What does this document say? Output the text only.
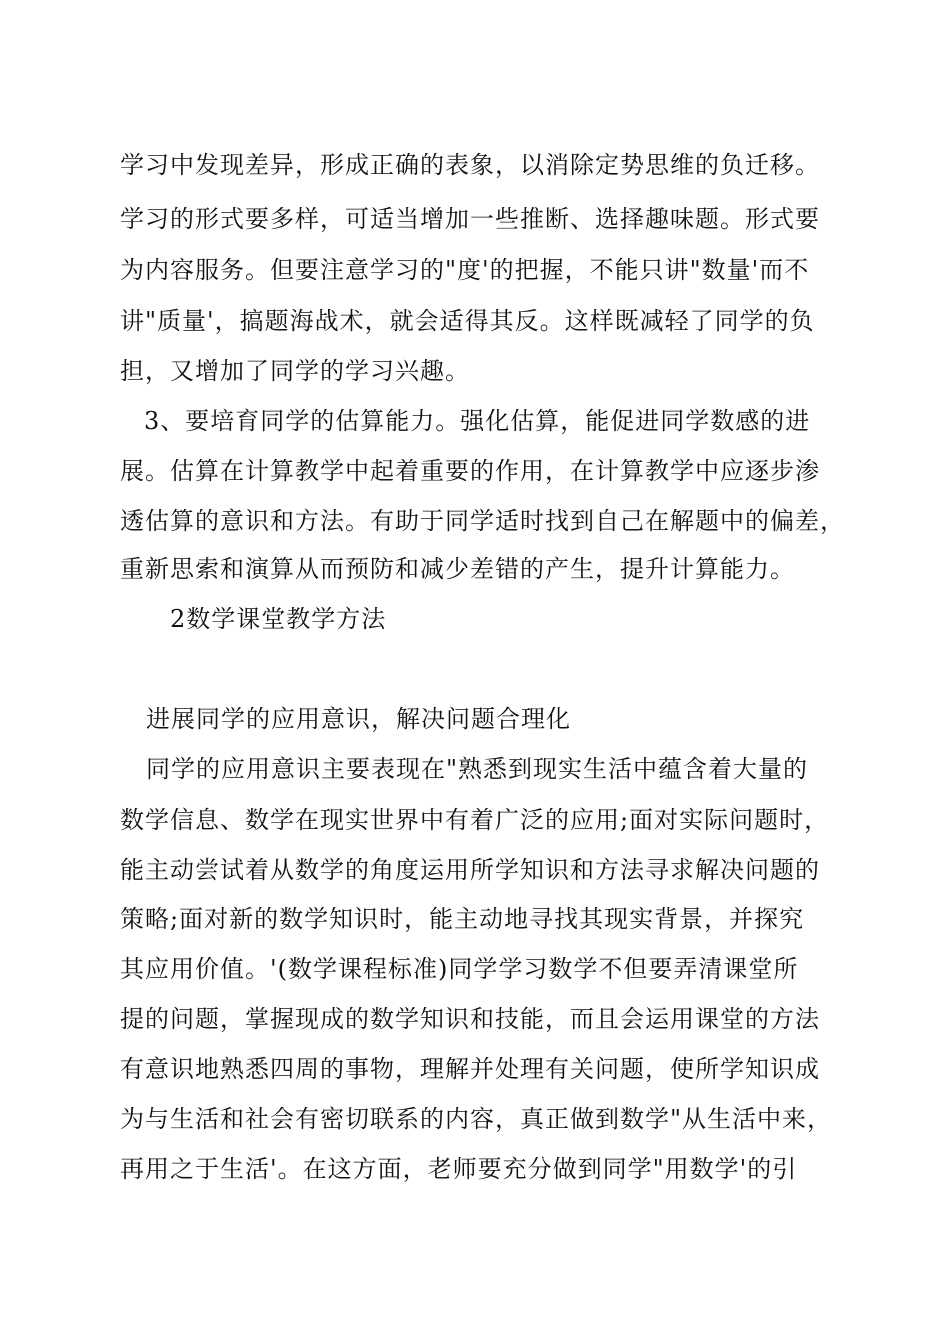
学习中发现差异，形成正确的表象，以消除定势思维的负迁移。
学习的形式要多样，可适当增加一些推断、选择趣味题。形式要
为内容服务。但要注意学习的"度'的把握，不能只讲"数量'而不
讲"质量'，搞题海战术，就会适得其反。这样既减轻了同学的负
担，又增加了同学的学习兴趣。
3、要培育同学的估算能力。强化估算，能促进同学数感的进
展。估算在计算教学中起着重要的作用，在计算教学中应逐步渗
透估算的意识和方法。有助于同学适时找到自己在解题中的偏差，
重新思索和演算从而预防和减少差错的产生，提升计算能力。
2数学课堂教学方法
进展同学的应用意识，解决问题合理化
同学的应用意识主要表现在"熟悉到现实生活中蕴含着大量的
数学信息、数学在现实世界中有着广泛的应用;面对实际问题时，
能主动尝试着从数学的角度运用所学知识和方法寻求解决问题的
策略;面对新的数学知识时，能主动地寻找其现实背景，并探究
其应用价值。'(数学课程标准)同学学习数学不但要弄清课堂所
提的问题，掌握现成的数学知识和技能，而且会运用课堂的方法
有意识地熟悉四周的事物，理解并处理有关问题，使所学知识成
为与生活和社会有密切联系的内容，真正做到数学"从生活中来，
再用之于生活'。在这方面，老师要充分做到同学"用数学'的引
